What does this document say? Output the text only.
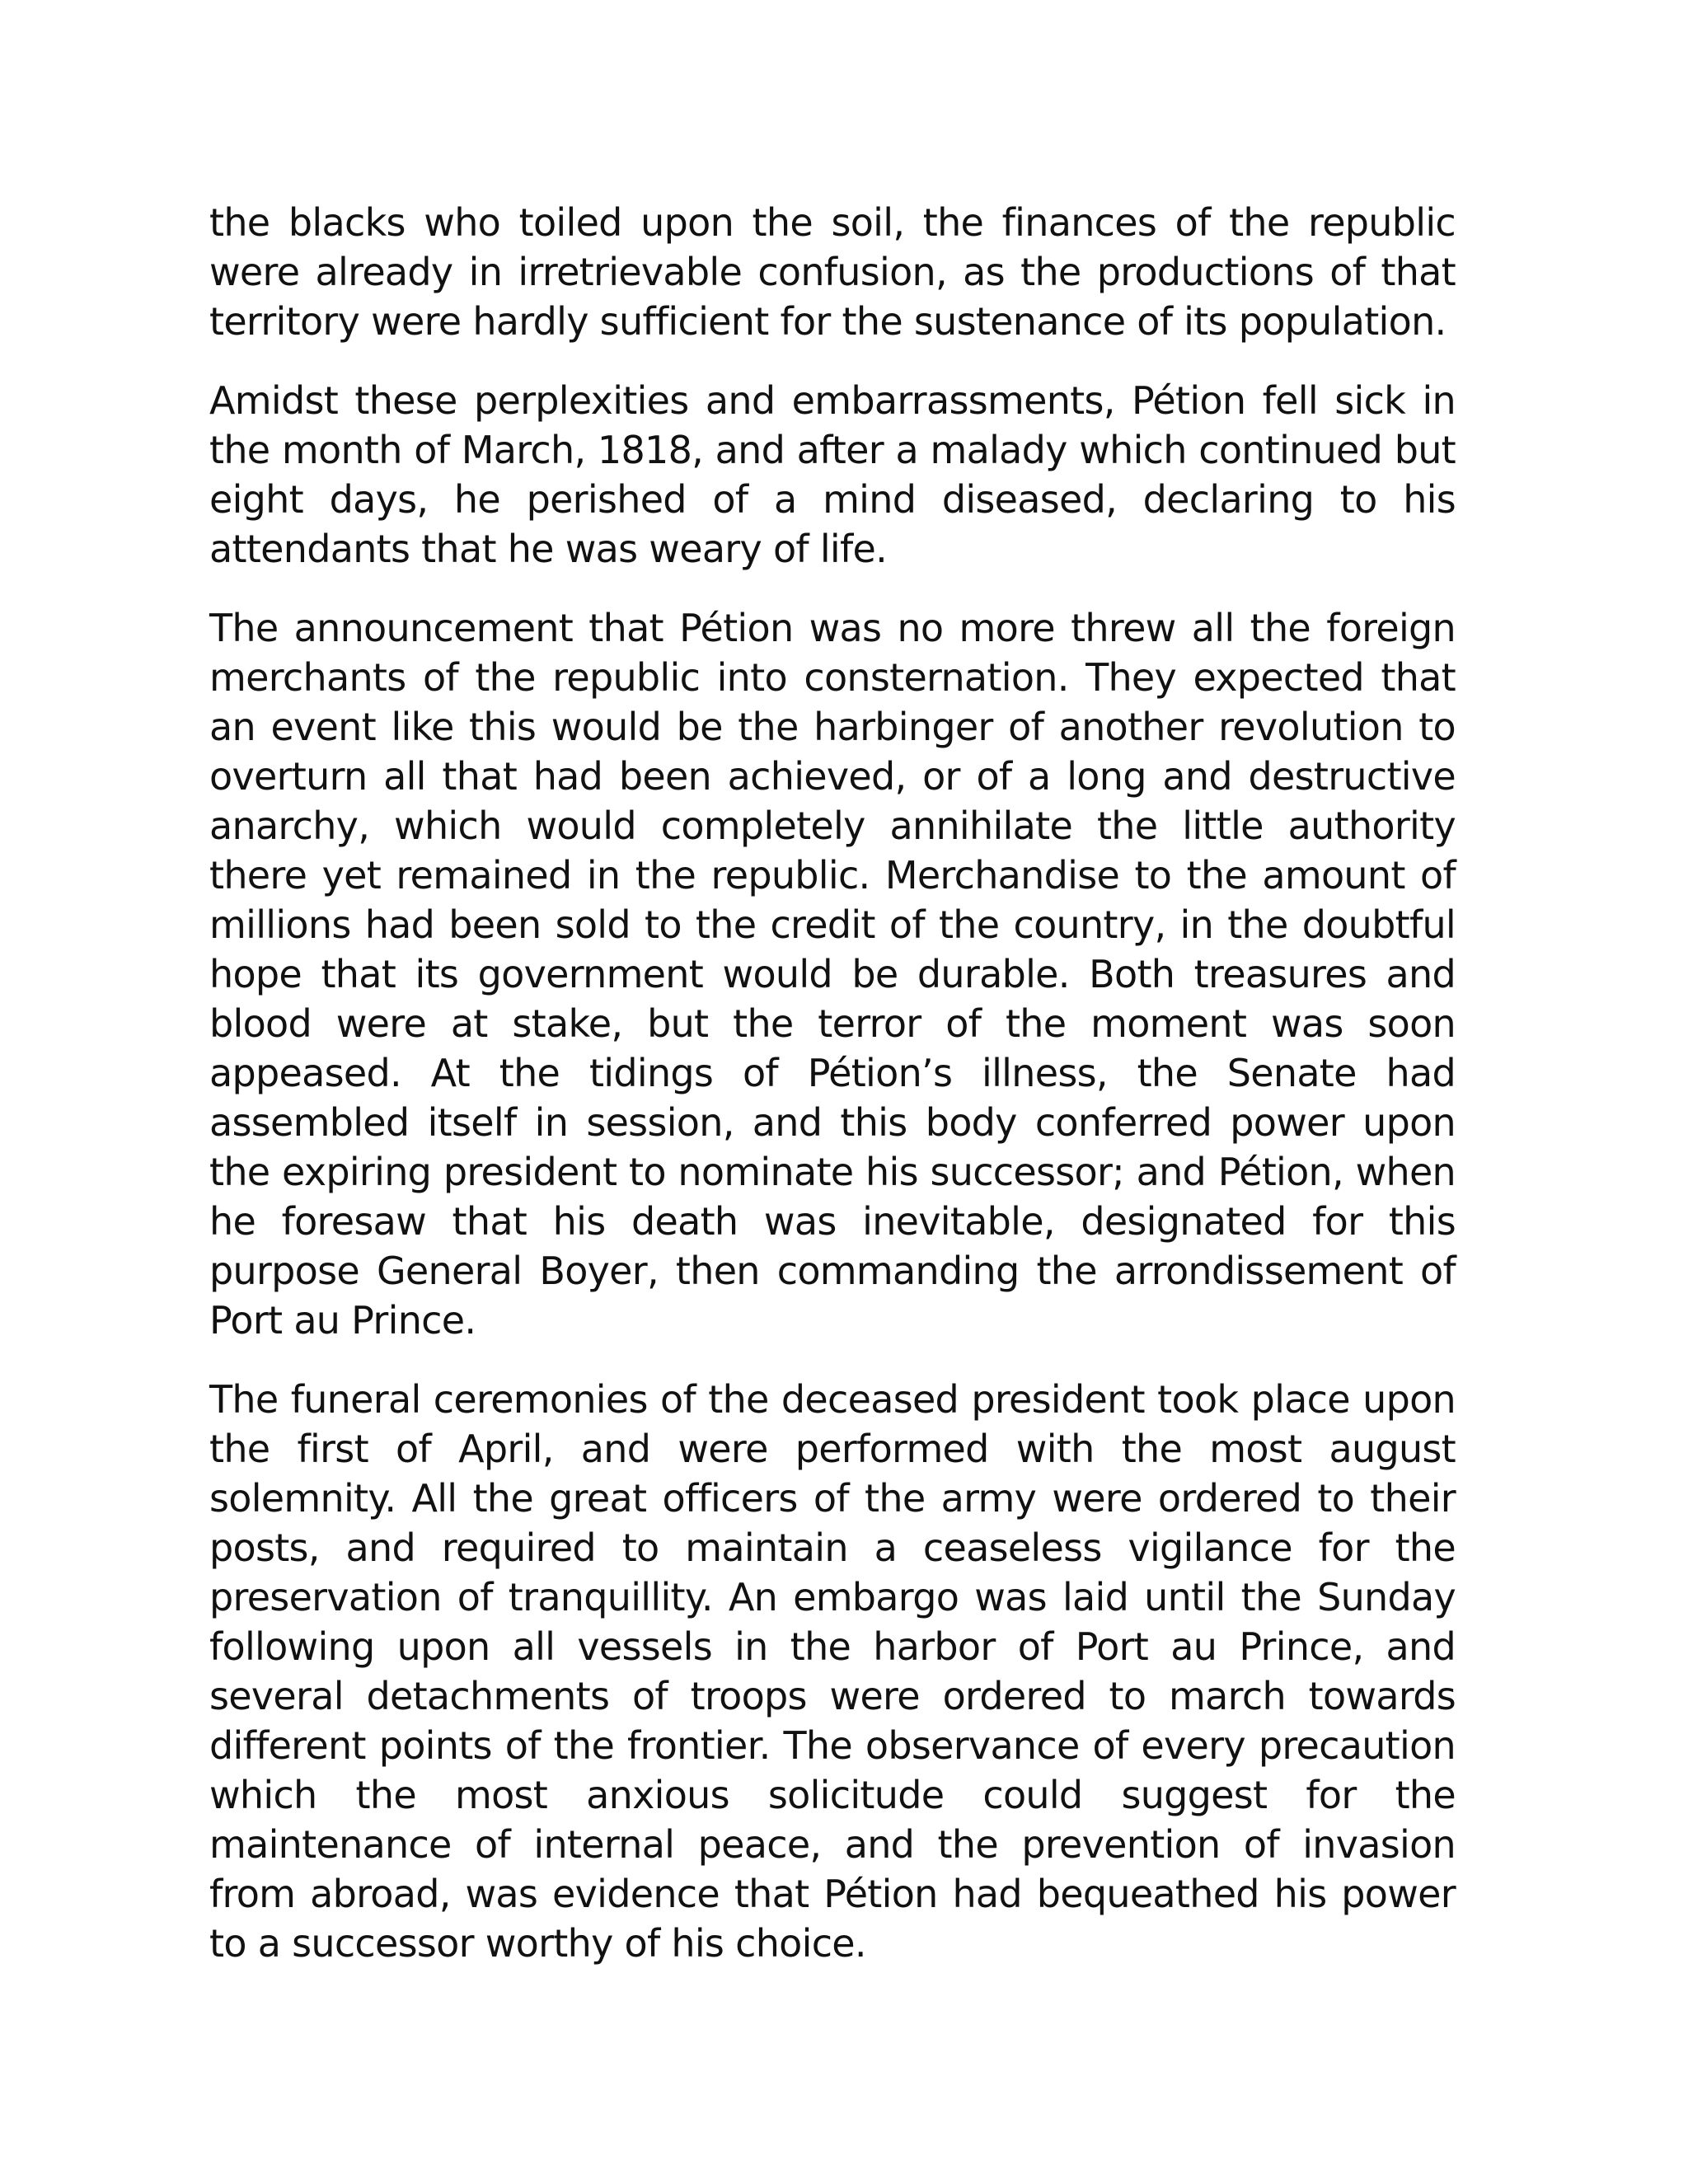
the blacks who toiled upon the soil, the finances of the republic were already in irretrievable confusion, as the productions of that territory were hardly sufficient for the sustenance of its population.

Amidst these perplexities and embarrassments, Pétion fell sick in the month of March, 1818, and after a malady which continued but eight days, he perished of a mind diseased, declaring to his attendants that he was weary of life.

The announcement that Pétion was no more threw all the foreign merchants of the republic into consternation. They expected that an event like this would be the harbinger of another revolution to overturn all that had been achieved, or of a long and destructive anarchy, which would completely annihilate the little authority there yet remained in the republic. Merchandise to the amount of millions had been sold to the credit of the country, in the doubtful hope that its government would be durable. Both treasures and blood were at stake, but the terror of the moment was soon appeased. At the tidings of Pétion’s illness, the Senate had assembled itself in session, and this body conferred power upon the expiring president to nominate his successor; and Pétion, when he foresaw that his death was inevitable, designated for this purpose General Boyer, then commanding the arrondissement of Port au Prince.

The funeral ceremonies of the deceased president took place upon the first of April, and were performed with the most august solemnity. All the great officers of the army were ordered to their posts, and required to maintain a ceaseless vigilance for the preservation of tranquillity. An embargo was laid until the Sunday following upon all vessels in the harbor of Port au Prince, and several detachments of troops were ordered to march towards different points of the frontier. The observance of every precaution which the most anxious solicitude could suggest for the maintenance of internal peace, and the prevention of invasion from abroad, was evidence that Pétion had bequeathed his power to a successor worthy of his choice.
